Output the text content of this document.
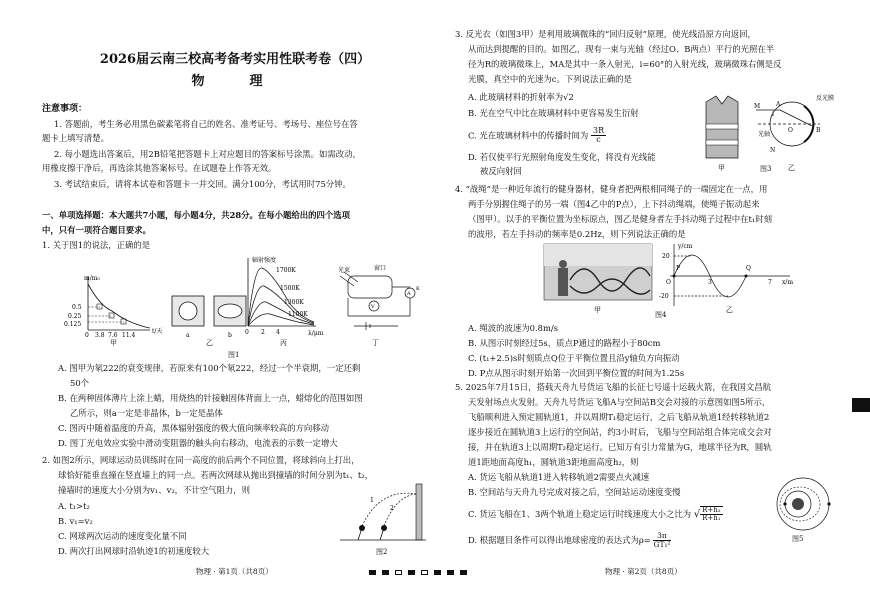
2026届云南三校高考备考实用性联考卷（四）
物　理
注意事项：
1. 答题前，考生务必用黑色碳素笔将自己的姓名、准考证号、考场号、座位号在答
题卡上填写清楚。
2. 每小题选出答案后，用2B铅笔把答题卡上对应题目的答案标号涂黑。如需改动，
用橡皮擦干净后，再选涂其他答案标号。在试题卷上作答无效。
3. 考试结束后，请将本试卷和答题卡一并交回。满分100分，考试用时75分钟。
一、单项选择题：本大题共7小题，每小题4分，共28分。在每小题给出的四个选项
中，只有一项符合题目要求。
1. 关于图1的说法，正确的是
m/m₀
t/天
0.5
0.25
0.125
0 3.8 7.6 11.4	a	b
1700K
1500K
1300K
1100K
辐射强度
λ/μm
0 2 4
光束	窗口
V
A
K
甲	乙	丙	丁
图1
A. 图甲为氡222的衰变规律，若原来有100个氡222，经过一个半衰期，一定还剩
50个
B. 在两种固体薄片上涂上蜡，用烧热的针接触固体背面上一点，蜡熔化的范围如图
乙所示，则a一定是非晶体，b一定是晶体
C. 图丙中随着温度的升高，黑体辐射强度的极大值向频率较高的方向移动
D. 图丁光电效应实验中滑动变阻器的触头向右移动，电流表的示数一定增大
2. 如图2所示，网球运动员训练时在同一高度的前后两个不同位置，将球斜向上打出，
球恰好能垂直撞在竖直墙上的同一点。若两次网球从抛出到撞墙的时间分别为t₁、t₂，
撞墙时的速度大小分别为v₁、v₂，不计空气阻力，则
A. t₁>t₂
B. v₁=v₂
C. 网球两次运动的速度变化量不同
D. 两次打出网球时沿轨迹1的初速度较大
1
2
图2
物理 · 第1页（共8页）
3. 反光衣（如图3甲）是利用玻璃微珠的“回归反射”原理，使光线沿原方向返回，
从而达到提醒的目的。如图乙，现有一束与光轴（经过O、B两点）平行的光照在半
径为R的玻璃微珠上，MA是其中一条入射光，i=60°的入射光线，玻璃微珠右侧是反
光膜，真空中的光速为c。下列说法正确的是
A. 此玻璃材料的折射率为√2
B. 光在空气中比在玻璃材料中更容易发生衍射
C. 光在玻璃材料中的传播时间为 $\frac{3R}{c}$
D. 若仅使平行光照射角度发生变化，将没有光线能
被反向射回
反光膜
光轴
M	A
O	B
i
N
甲	乙
图3
4. “战绳”是一种近年流行的健身器材，健身者把两根相同绳子的一端固定在一点，用
两手分别握住绳子的另一端（图4乙中的P点），上下抖动绳端，使绳子振动起来
（图甲）。以手的平衡位置为坐标原点，图乙是健身者左手抖动绳子过程中在t₁时刻
的波形，若左手抖动的频率是0.2Hz，则下列说法正确的是
y/cm
x/m
20
-20
O	3	7
P	Q
甲	乙
图4
A. 绳波的波速为0.8m/s
B. 从图示时刻经过5s，质点P通过的路程小于80cm
C. (t₁+2.5)s时刻质点Q位于平衡位置且沿y轴负方向振动
D. P点从图示时刻开始第一次回到平衡位置的时间为1.25s
5. 2025年7月15日，搭载天舟九号货运飞船的长征七号遥十运载火箭，在我国文昌航
天发射场点火发射。天舟九号货运飞船A与空间站B交会对接的示意图如图5所示，
飞船顺利进入预定圆轨道1，并以周期T₁稳定运行，之后飞船从轨道1经转移轨道2
逐步接近在圆轨道3上运行的空间站，约3小时后，飞船与空间站组合体完成交会对
接，并在轨道3上以周期T₂稳定运行。已知万有引力常量为G，地球半径为R，圆轨
道1距地面高度h₁，圆轨道3距地面高度h₂，则
A. 货运飞船从轨道1进入转移轨道2需要点火减速
B. 空间站与天舟九号完成对接之后，空间站运动速度变慢
C. 货运飞船在1、3两个轨道上稳定运行时线速度大小之比为 √ $\frac{\text{R+h₂}}{\text{R+h₁}}$
D. 根据题目条件可以得出地球密度的表达式为$\rho= \frac{3\pi}{\text{GT₁²}}$	图5
物理 · 第2页（共8页）
